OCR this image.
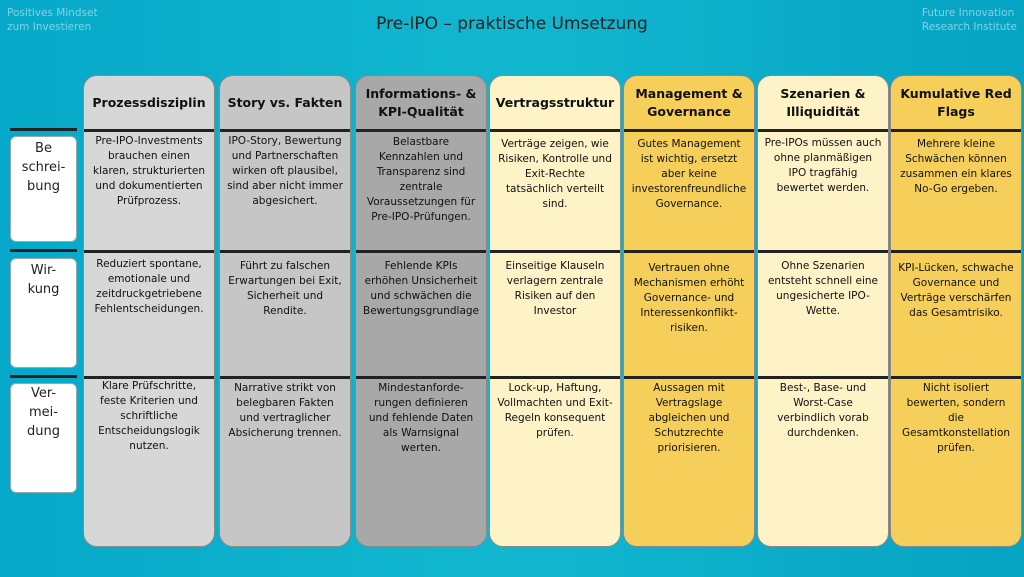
Positives Mindset
zum Investieren	Pre-IPO – praktische Umsetzung
Future Innovation
Research Institute
Be
schrei-
bung
Wir-
kung
Ver-
mei-
dung
Prozessdisziplin
Pre-IPO-Investments
brauchen einen
klaren, strukturierten
und dokumentierten
Prüfprozess.
Reduziert spontane,
emotionale und
zeitdruckgetriebene
Fehlentscheidungen.
Klare Prüfschritte,
feste Kriterien und
schriftliche
Entscheidungslogik
nutzen.
Story vs. Fakten
IPO-Story, Bewertung
und Partnerschaften
wirken oft plausibel,
sind aber nicht immer
abgesichert.
Führt zu falschen
Erwartungen bei Exit,
Sicherheit und
Rendite.
Narrative strikt von
belegbaren Fakten
und vertraglicher
Absicherung trennen.
Informations- &
KPI-Qualität
Belastbare
Kennzahlen und
Transparenz sind
zentrale
Voraussetzungen für
Pre-IPO-Prüfungen.
Fehlende KPIs
erhöhen Unsicherheit
und schwächen die
Bewertungsgrundlage
Mindestanforde-
rungen definieren
und fehlende Daten
als Warnsignal
werten.
Vertragsstruktur
Verträge zeigen, wie
Risiken, Kontrolle und
Exit-Rechte
tatsächlich verteilt
sind.
Einseitige Klauseln
verlagern zentrale
Risiken auf den
Investor
Lock-up, Haftung,
Vollmachten und Exit-
Regeln konsequent
prüfen.
Management &
Governance
Gutes Management
ist wichtig, ersetzt
aber keine
investorenfreundliche
Governance.
Vertrauen ohne
Mechanismen erhöht
Governance- und
Interessenkonflikt-
risiken.
Aussagen mit
Vertragslage
abgleichen und
Schutzrechte
priorisieren.
Szenarien &
Illiquidität
Pre-IPOs müssen auch
ohne planmäßigen
IPO tragfähig
bewertet werden.
Ohne Szenarien
entsteht schnell eine
ungesicherte IPO-
Wette.
Best-, Base- und
Worst-Case
verbindlich vorab
durchdenken.
Kumulative Red
Flags
Mehrere kleine
Schwächen können
zusammen ein klares
No-Go ergeben.
KPI-Lücken, schwache
Governance und
Verträge verschärfen
das Gesamtrisiko.
Nicht isoliert
bewerten, sondern
die
Gesamtkonstellation
prüfen.
